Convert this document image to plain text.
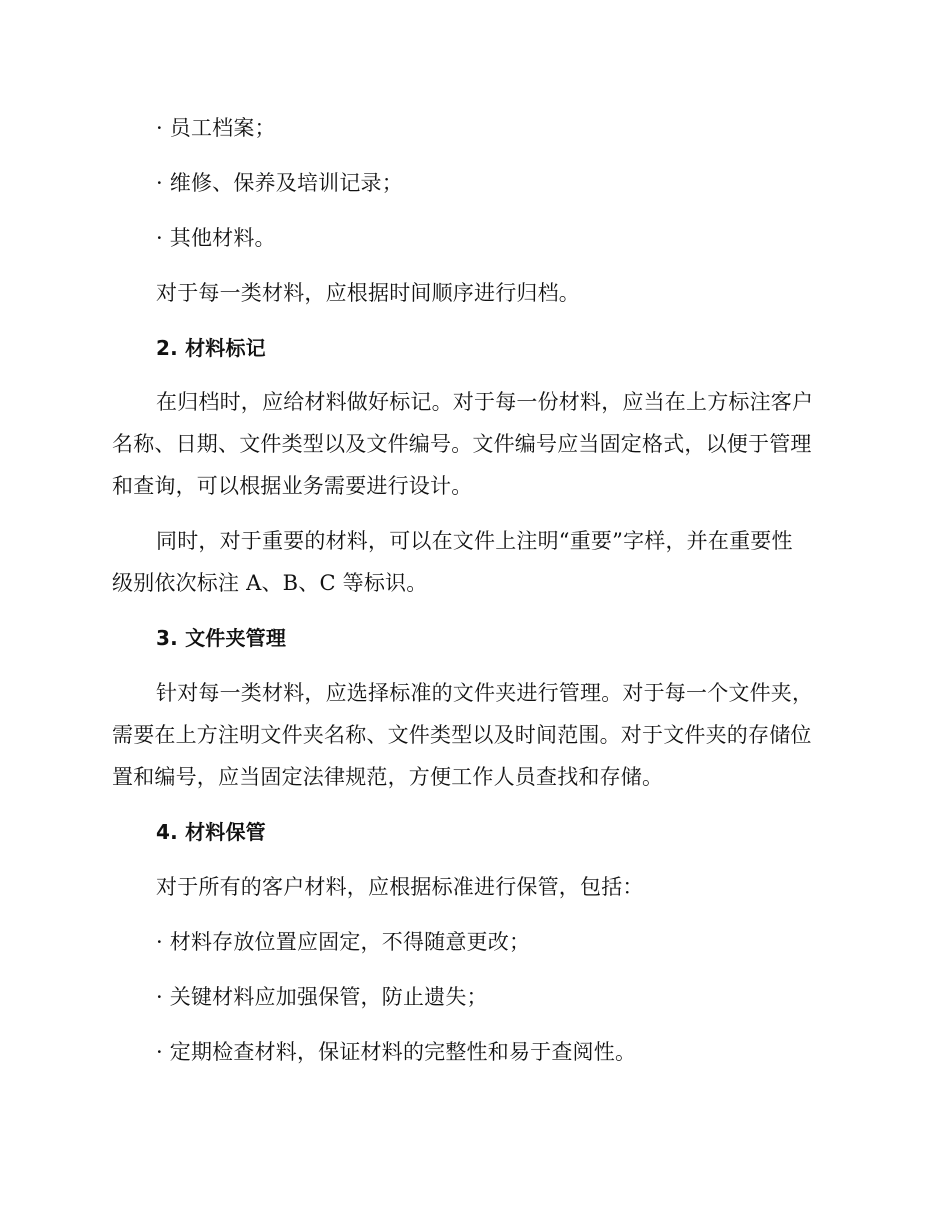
· 员工档案；
· 维修、保养及培训记录；
· 其他材料。
对于每一类材料，应根据时间顺序进行归档。
2. 材料标记
在归档时，应给材料做好标记。对于每一份材料，应当在上方标注客户
名称、日期、文件类型以及文件编号。文件编号应当固定格式，以便于管理
和查询，可以根据业务需要进行设计。
同时，对于重要的材料，可以在文件上注明“重要”字样，并在重要性
级别依次标注 A、B、C 等标识。
3. 文件夹管理
针对每一类材料，应选择标准的文件夹进行管理。对于每一个文件夹，
需要在上方注明文件夹名称、文件类型以及时间范围。对于文件夹的存储位
置和编号，应当固定法律规范，方便工作人员查找和存储。
4. 材料保管
对于所有的客户材料，应根据标准进行保管，包括：
· 材料存放位置应固定，不得随意更改；
· 关键材料应加强保管，防止遗失；
· 定期检查材料，保证材料的完整性和易于查阅性。
